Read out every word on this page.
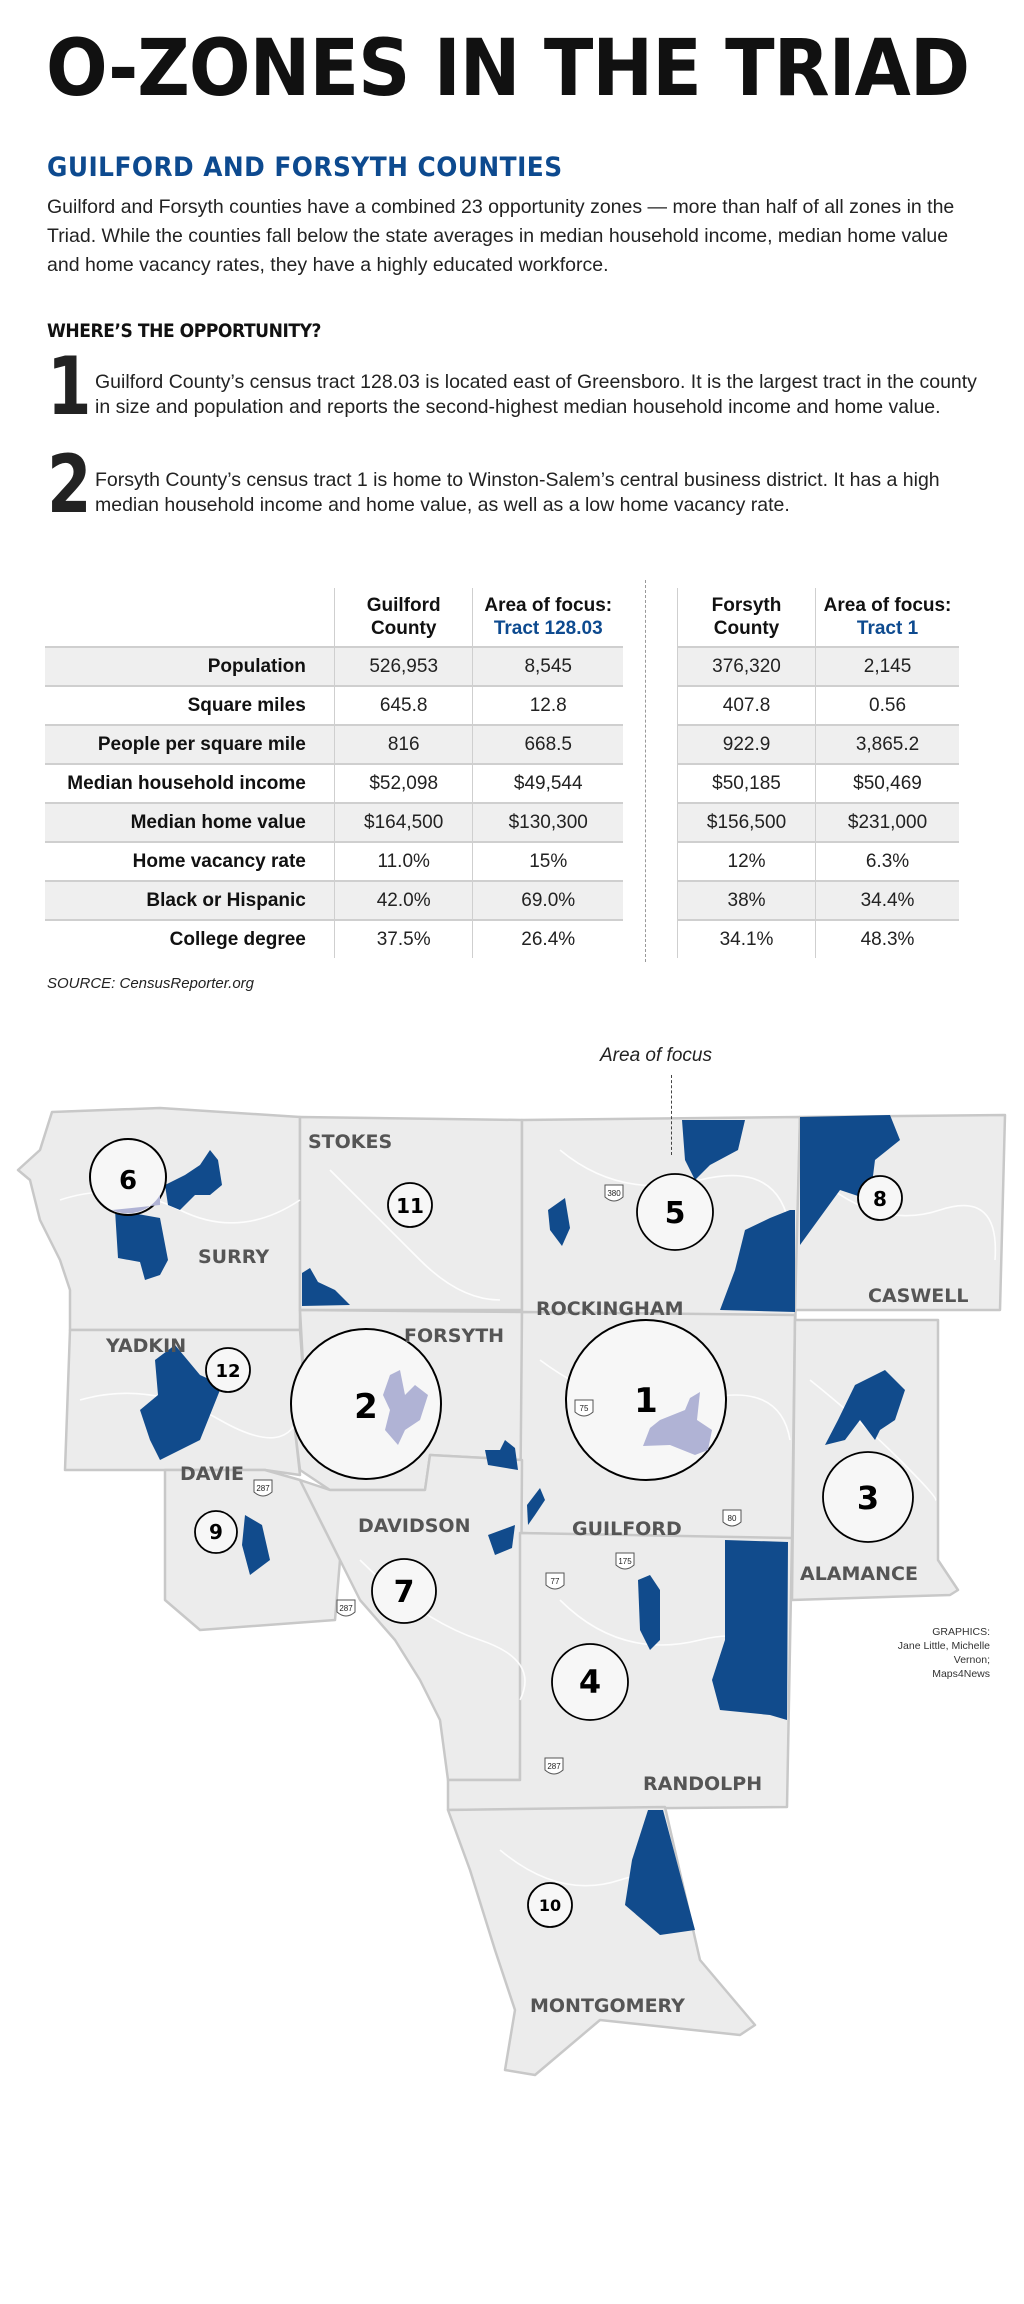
O-ZONES IN THE TRIAD
GUILFORD AND FORSYTH COUNTIES

Guilford and Forsyth counties have a combined 23 opportunity zones — more than half of all zones in the Triad. While the counties fall below the state averages in median household income, median home value and home vacancy rates, they have a highly educated workforce.

WHERE’S THE OPPORTUNITY?
1 Guilford County’s census tract 128.03 is located east of Greensboro. It is the largest tract in the county in size and population and reports the second-highest median household income and home value.

2 Forsyth County’s census tract 1 is home to Winston-Salem’s central business district. It has a high median household income and home value, as well as a low home vacancy rate.

	Guilford
County	Area of focus:
Tract 128.03
Population	526,953	8,545
Square miles	645.8	12.8
People per square mile	816	668.5
Median household income	$52,098	$49,544
Median home value	$164,500	$130,300
Home vacancy rate	11.0%	15%
Black or Hispanic	42.0%	69.0%
College degree	37.5%	26.4%
Forsyth
County	Area of focus:
Tract 1
376,320	2,145
407.8	0.56
922.9	3,865.2
$50,185	$50,469
$156,500	$231,000
12%	6.3%
38%	34.4%
34.1%	48.3%
SOURCE: CensusReporter.org
2	1
6
11	5	8
12
3
9
7
4
10
380
75
80
175
77
287
287
287
STOKES
SURRY
ROCKINGHAM
CASWELL
YADKIN	FORSYTH
DAVIE
DAVIDSON	GUILFORD
ALAMANCE
RANDOLPH
MONTGOMERY
Area of focus
GRAPHICS:
Jane Little, Michelle Vernon;
Maps4News
